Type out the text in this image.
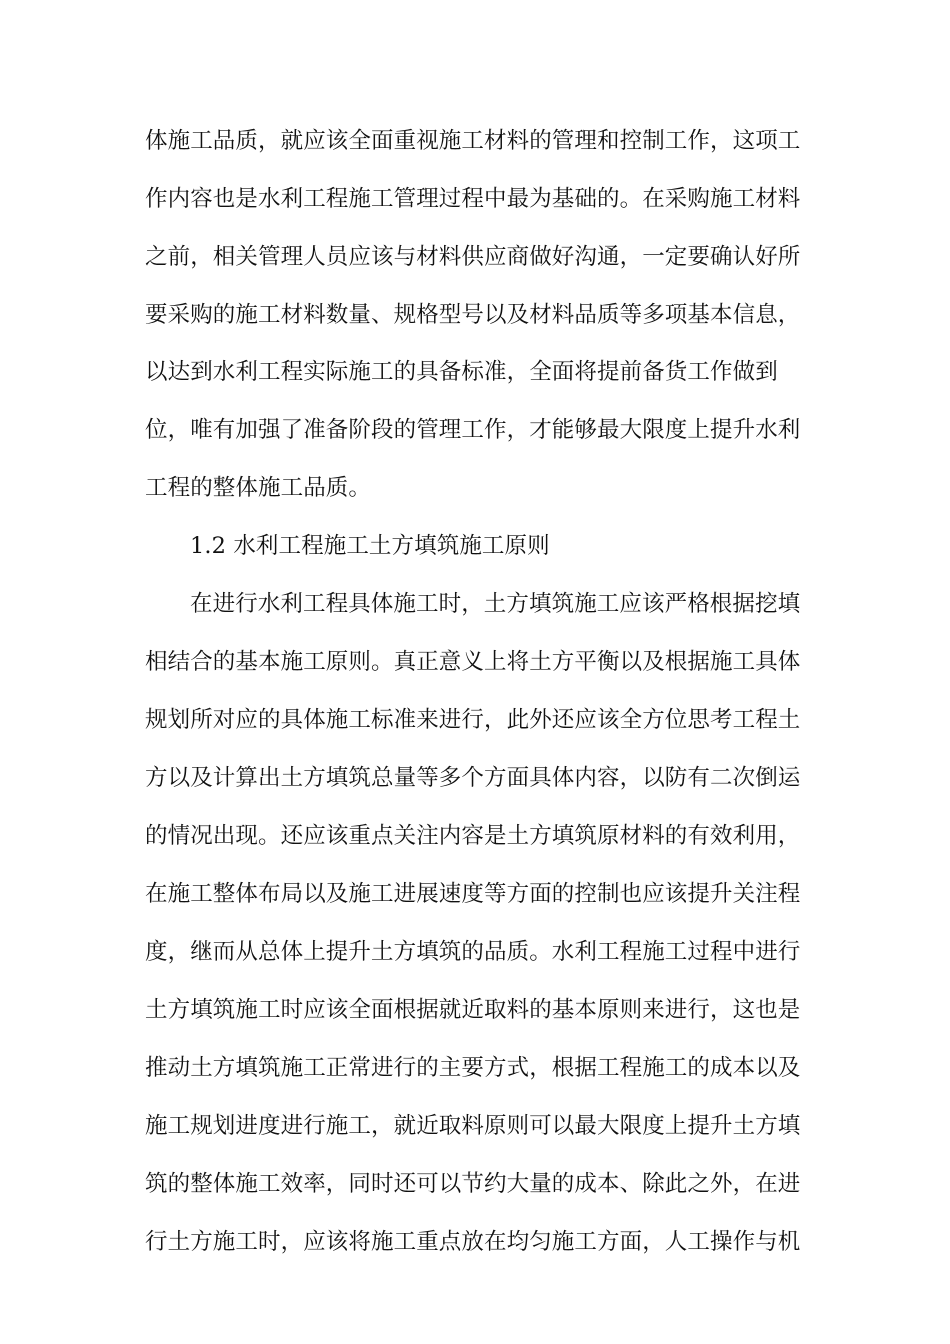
体施工品质，就应该全面重视施工材料的管理和控制工作，这项工
作内容也是水利工程施工管理过程中最为基础的。在采购施工材料
之前，相关管理人员应该与材料供应商做好沟通，一定要确认好所
要采购的施工材料数量、规格型号以及材料品质等多项基本信息，
以达到水利工程实际施工的具备标准，全面将提前备货工作做到
位，唯有加强了准备阶段的管理工作，才能够最大限度上提升水利
工程的整体施工品质。
1.2 水利工程施工土方填筑施工原则
在进行水利工程具体施工时，土方填筑施工应该严格根据挖填
相结合的基本施工原则。真正意义上将土方平衡以及根据施工具体
规划所对应的具体施工标准来进行，此外还应该全方位思考工程土
方以及计算出土方填筑总量等多个方面具体内容，以防有二次倒运
的情况出现。还应该重点关注内容是土方填筑原材料的有效利用，
在施工整体布局以及施工进展速度等方面的控制也应该提升关注程
度，继而从总体上提升土方填筑的品质。水利工程施工过程中进行
土方填筑施工时应该全面根据就近取料的基本原则来进行，这也是
推动土方填筑施工正常进行的主要方式，根据工程施工的成本以及
施工规划进度进行施工，就近取料原则可以最大限度上提升土方填
筑的整体施工效率，同时还可以节约大量的成本、除此之外，在进
行土方施工时，应该将施工重点放在均匀施工方面，人工操作与机
